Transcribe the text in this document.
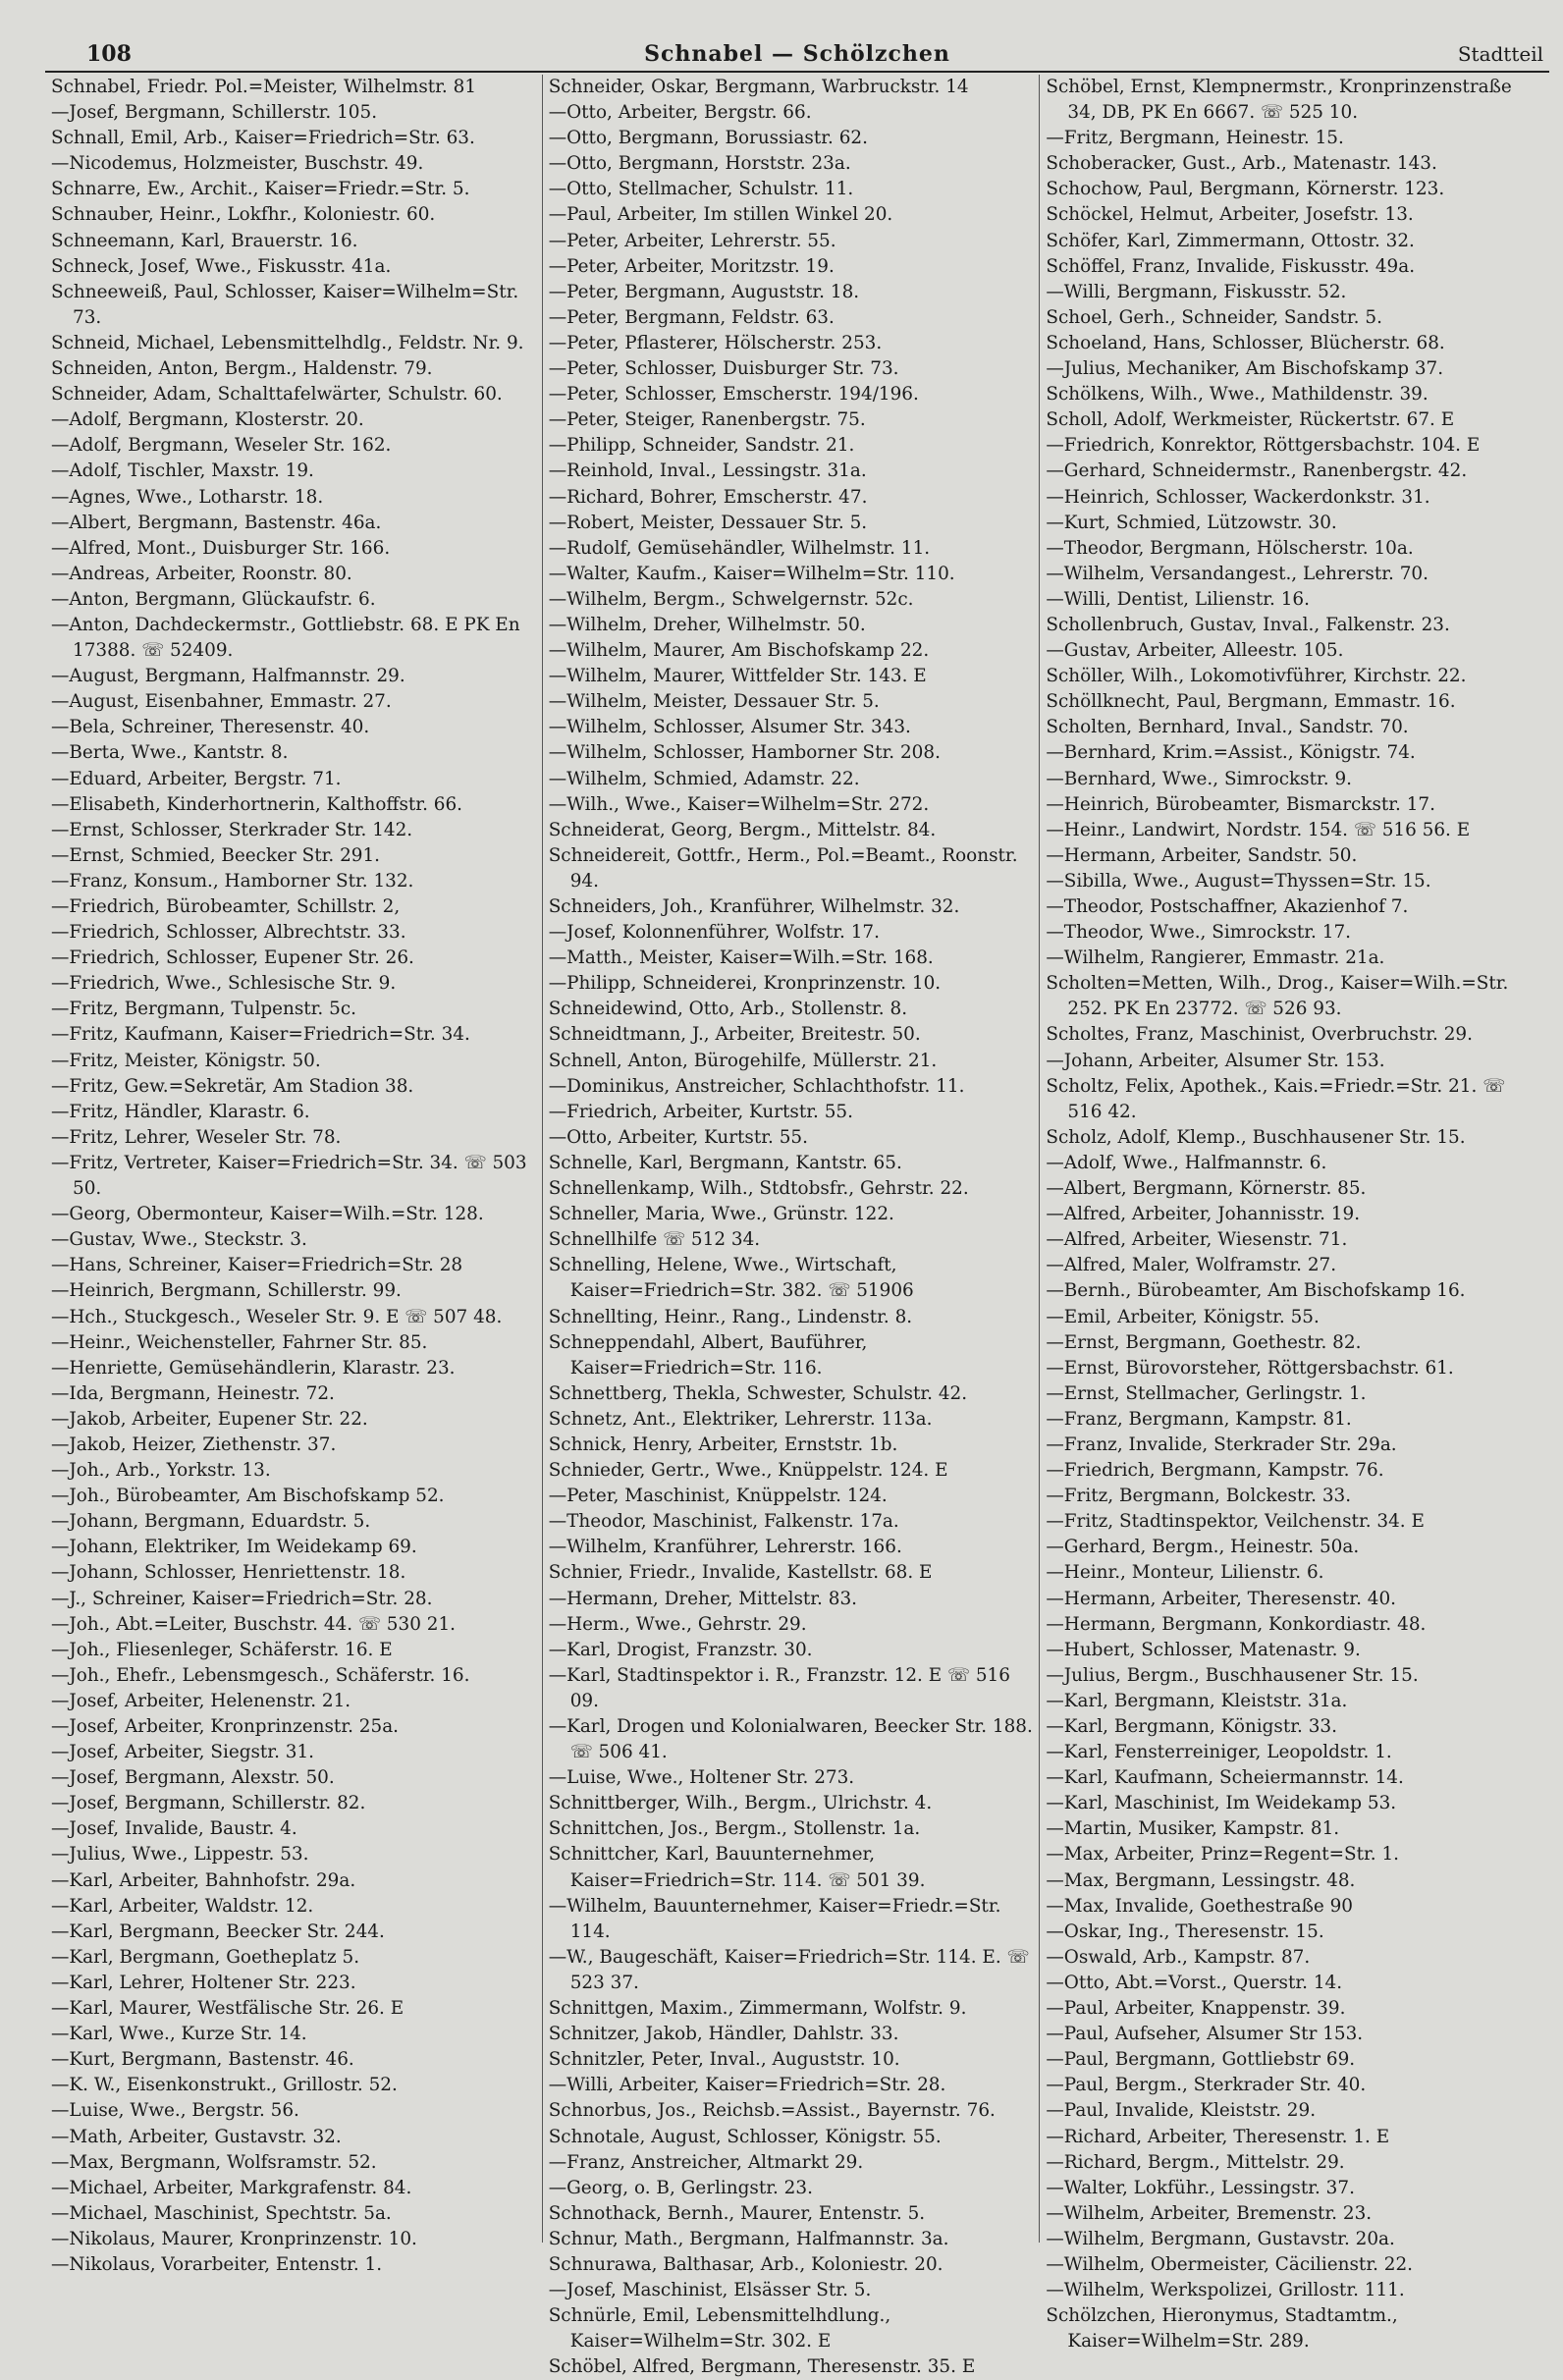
108	Schnabel — Schölzchen	Stadtteil

Schnabel, Friedr. Pol.=Meister, Wilhelmstr. 81

—Josef, Bergmann, Schillerstr. 105.

Schnall, Emil, Arb., Kaiser=Friedrich=Str. 63.

—Nicodemus, Holzmeister, Buschstr. 49.

Schnarre, Ew., Archit., Kaiser=Friedr.=Str. 5.

Schnauber, Heinr., Lokfhr., Koloniestr. 60.

Schneemann, Karl, Brauerstr. 16.

Schneck, Josef, Wwe., Fiskusstr. 41a.

Schneeweiß, Paul, Schlosser, Kaiser=Wilhelm=Str. 73.

Schneid, Michael, Lebensmittelhdlg., Feldstr. Nr. 9.

Schneiden, Anton, Bergm., Haldenstr. 79.

Schneider, Adam, Schalttafelwärter, Schulstr. 60.

—Adolf, Bergmann, Klosterstr. 20.

—Adolf, Bergmann, Weseler Str. 162.

—Adolf, Tischler, Maxstr. 19.

—Agnes, Wwe., Lotharstr. 18.

—Albert, Bergmann, Bastenstr. 46a.

—Alfred, Mont., Duisburger Str. 166.

—Andreas, Arbeiter, Roonstr. 80.

—Anton, Bergmann, Glückaufstr. 6.

—Anton, Dachdeckermstr., Gottliebstr. 68. E PK En 17388. ☏ 52409.

—August, Bergmann, Halfmannstr. 29.

—August, Eisenbahner, Emmastr. 27.

—Bela, Schreiner, Theresenstr. 40.

—Berta, Wwe., Kantstr. 8.

—Eduard, Arbeiter, Bergstr. 71.

—Elisabeth, Kinderhortnerin, Kalthoffstr. 66.

—Ernst, Schlosser, Sterkrader Str. 142.

—Ernst, Schmied, Beecker Str. 291.

—Franz, Konsum., Hamborner Str. 132.

—Friedrich, Bürobeamter, Schillstr. 2,

—Friedrich, Schlosser, Albrechtstr. 33.

—Friedrich, Schlosser, Eupener Str. 26.

—Friedrich, Wwe., Schlesische Str. 9.

—Fritz, Bergmann, Tulpenstr. 5c.

—Fritz, Kaufmann, Kaiser=Friedrich=Str. 34.

—Fritz, Meister, Königstr. 50.

—Fritz, Gew.=Sekretär, Am Stadion 38.

—Fritz, Händler, Klarastr. 6.

—Fritz, Lehrer, Weseler Str. 78.

—Fritz, Vertreter, Kaiser=Friedrich=Str. 34. ☏ 503 50.

—Georg, Obermonteur, Kaiser=Wilh.=Str. 128.

—Gustav, Wwe., Steckstr. 3.

—Hans, Schreiner, Kaiser=Friedrich=Str. 28

—Heinrich, Bergmann, Schillerstr. 99.

—Hch., Stuckgesch., Weseler Str. 9. E ☏ 507 48.

—Heinr., Weichensteller, Fahrner Str. 85.

—Henriette, Gemüsehändlerin, Klarastr. 23.

—Ida, Bergmann, Heinestr. 72.

—Jakob, Arbeiter, Eupener Str. 22.

—Jakob, Heizer, Ziethenstr. 37.

—Joh., Arb., Yorkstr. 13.

—Joh., Bürobeamter, Am Bischofskamp 52.

—Johann, Bergmann, Eduardstr. 5.

—Johann, Elektriker, Im Weidekamp 69.

—Johann, Schlosser, Henriettenstr. 18.

—J., Schreiner, Kaiser=Friedrich=Str. 28.

—Joh., Abt.=Leiter, Buschstr. 44. ☏ 530 21.

—Joh., Fliesenleger, Schäferstr. 16. E

—Joh., Ehefr., Lebensmgesch., Schäferstr. 16.

—Josef, Arbeiter, Helenenstr. 21.

—Josef, Arbeiter, Kronprinzenstr. 25a.

—Josef, Arbeiter, Siegstr. 31.

—Josef, Bergmann, Alexstr. 50.

—Josef, Bergmann, Schillerstr. 82.

—Josef, Invalide, Baustr. 4.

—Julius, Wwe., Lippestr. 53.

—Karl, Arbeiter, Bahnhofstr. 29a.

—Karl, Arbeiter, Waldstr. 12.

—Karl, Bergmann, Beecker Str. 244.

—Karl, Bergmann, Goetheplatz 5.

—Karl, Lehrer, Holtener Str. 223.

—Karl, Maurer, Westfälische Str. 26. E

—Karl, Wwe., Kurze Str. 14.

—Kurt, Bergmann, Bastenstr. 46.

—K. W., Eisenkonstrukt., Grillostr. 52.

—Luise, Wwe., Bergstr. 56.

—Math, Arbeiter, Gustavstr. 32.

—Max, Bergmann, Wolfsramstr. 52.

—Michael, Arbeiter, Markgrafenstr. 84.

—Michael, Maschinist, Spechtstr. 5a.

—Nikolaus, Maurer, Kronprinzenstr. 10.

—Nikolaus, Vorarbeiter, Entenstr. 1.

Schneider, Oskar, Bergmann, Warbruckstr. 14

—Otto, Arbeiter, Bergstr. 66.

—Otto, Bergmann, Borussiastr. 62.

—Otto, Bergmann, Horststr. 23a.

—Otto, Stellmacher, Schulstr. 11.

—Paul, Arbeiter, Im stillen Winkel 20.

—Peter, Arbeiter, Lehrerstr. 55.

—Peter, Arbeiter, Moritzstr. 19.

—Peter, Bergmann, Auguststr. 18.

—Peter, Bergmann, Feldstr. 63.

—Peter, Pflasterer, Hölscherstr. 253.

—Peter, Schlosser, Duisburger Str. 73.

—Peter, Schlosser, Emscherstr. 194/196.

—Peter, Steiger, Ranenbergstr. 75.

—Philipp, Schneider, Sandstr. 21.

—Reinhold, Inval., Lessingstr. 31a.

—Richard, Bohrer, Emscherstr. 47.

—Robert, Meister, Dessauer Str. 5.

—Rudolf, Gemüsehändler, Wilhelmstr. 11.

—Walter, Kaufm., Kaiser=Wilhelm=Str. 110.

—Wilhelm, Bergm., Schwelgernstr. 52c.

—Wilhelm, Dreher, Wilhelmstr. 50.

—Wilhelm, Maurer, Am Bischofskamp 22.

—Wilhelm, Maurer, Wittfelder Str. 143. E

—Wilhelm, Meister, Dessauer Str. 5.

—Wilhelm, Schlosser, Alsumer Str. 343.

—Wilhelm, Schlosser, Hamborner Str. 208.

—Wilhelm, Schmied, Adamstr. 22.

—Wilh., Wwe., Kaiser=Wilhelm=Str. 272.

Schneiderat, Georg, Bergm., Mittelstr. 84.

Schneidereit, Gottfr., Herm., Pol.=Beamt., Roonstr. 94.

Schneiders, Joh., Kranführer, Wilhelmstr. 32.

—Josef, Kolonnenführer, Wolfstr. 17.

—Matth., Meister, Kaiser=Wilh.=Str. 168.

—Philipp, Schneiderei, Kronprinzenstr. 10.

Schneidewind, Otto, Arb., Stollenstr. 8.

Schneidtmann, J., Arbeiter, Breitestr. 50.

Schnell, Anton, Bürogehilfe, Müllerstr. 21.

—Dominikus, Anstreicher, Schlachthofstr. 11.

—Friedrich, Arbeiter, Kurtstr. 55.

—Otto, Arbeiter, Kurtstr. 55.

Schnelle, Karl, Bergmann, Kantstr. 65.

Schnellenkamp, Wilh., Stdtobsfr., Gehrstr. 22.

Schneller, Maria, Wwe., Grünstr. 122.

Schnellhilfe ☏ 512 34.

Schnelling, Helene, Wwe., Wirtschaft, Kaiser=Friedrich=Str. 382. ☏ 51906

Schnellting, Heinr., Rang., Lindenstr. 8.

Schneppendahl, Albert, Bauführer, Kaiser=Friedrich=Str. 116.

Schnettberg, Thekla, Schwester, Schulstr. 42.

Schnetz, Ant., Elektriker, Lehrerstr. 113a.

Schnick, Henry, Arbeiter, Ernststr. 1b.

Schnieder, Gertr., Wwe., Knüppelstr. 124. E

—Peter, Maschinist, Knüppelstr. 124.

—Theodor, Maschinist, Falkenstr. 17a.

—Wilhelm, Kranführer, Lehrerstr. 166.

Schnier, Friedr., Invalide, Kastellstr. 68. E

—Hermann, Dreher, Mittelstr. 83.

—Herm., Wwe., Gehrstr. 29.

—Karl, Drogist, Franzstr. 30.

—Karl, Stadtinspektor i. R., Franzstr. 12. E ☏ 516 09.

—Karl, Drogen und Kolonialwaren, Beecker Str. 188. ☏ 506 41.

—Luise, Wwe., Holtener Str. 273.

Schnittberger, Wilh., Bergm., Ulrichstr. 4.

Schnittchen, Jos., Bergm., Stollenstr. 1a.

Schnittcher, Karl, Bauunternehmer, Kaiser=Friedrich=Str. 114. ☏ 501 39.

—Wilhelm, Bauunternehmer, Kaiser=Friedr.=Str. 114.

—W., Baugeschäft, Kaiser=Friedrich=Str. 114. E. ☏ 523 37.

Schnittgen, Maxim., Zimmermann, Wolfstr. 9.

Schnitzer, Jakob, Händler, Dahlstr. 33.

Schnitzler, Peter, Inval., Auguststr. 10.

—Willi, Arbeiter, Kaiser=Friedrich=Str. 28.

Schnorbus, Jos., Reichsb.=Assist., Bayernstr. 76.

Schnotale, August, Schlosser, Königstr. 55.

—Franz, Anstreicher, Altmarkt 29.

—Georg, o. B, Gerlingstr. 23.

Schnothack, Bernh., Maurer, Entenstr. 5.

Schnur, Math., Bergmann, Halfmannstr. 3a.

Schnurawa, Balthasar, Arb., Koloniestr. 20.

—Josef, Maschinist, Elsässer Str. 5.

Schnürle, Emil, Lebensmittelhdlung., Kaiser=Wilhelm=Str. 302. E

Schöbel, Alfred, Bergmann, Theresenstr. 35. E

Schöbel, Ernst, Klempnermstr., Kronprinzenstraße 34, DB, PK En 6667. ☏ 525 10.

—Fritz, Bergmann, Heinestr. 15.

Schoberacker, Gust., Arb., Matenastr. 143.

Schochow, Paul, Bergmann, Körnerstr. 123.

Schöckel, Helmut, Arbeiter, Josefstr. 13.

Schöfer, Karl, Zimmermann, Ottostr. 32.

Schöffel, Franz, Invalide, Fiskusstr. 49a.

—Willi, Bergmann, Fiskusstr. 52.

Schoel, Gerh., Schneider, Sandstr. 5.

Schoeland, Hans, Schlosser, Blücherstr. 68.

—Julius, Mechaniker, Am Bischofskamp 37.

Schölkens, Wilh., Wwe., Mathildenstr. 39.

Scholl, Adolf, Werkmeister, Rückertstr. 67. E

—Friedrich, Konrektor, Röttgersbachstr. 104. E

—Gerhard, Schneidermstr., Ranenbergstr. 42.

—Heinrich, Schlosser, Wackerdonkstr. 31.

—Kurt, Schmied, Lützowstr. 30.

—Theodor, Bergmann, Hölscherstr. 10a.

—Wilhelm, Versandangest., Lehrerstr. 70.

—Willi, Dentist, Lilienstr. 16.

Schollenbruch, Gustav, Inval., Falkenstr. 23.

—Gustav, Arbeiter, Alleestr. 105.

Schöller, Wilh., Lokomotivführer, Kirchstr. 22.

Schöllknecht, Paul, Bergmann, Emmastr. 16.

Scholten, Bernhard, Inval., Sandstr. 70.

—Bernhard, Krim.=Assist., Königstr. 74.

—Bernhard, Wwe., Simrockstr. 9.

—Heinrich, Bürobeamter, Bismarckstr. 17.

—Heinr., Landwirt, Nordstr. 154. ☏ 516 56. E

—Hermann, Arbeiter, Sandstr. 50.

—Sibilla, Wwe., August=Thyssen=Str. 15.

—Theodor, Postschaffner, Akazienhof 7.

—Theodor, Wwe., Simrockstr. 17.

—Wilhelm, Rangierer, Emmastr. 21a.

Scholten=Metten, Wilh., Drog., Kaiser=Wilh.=Str. 252. PK En 23772. ☏ 526 93.

Scholtes, Franz, Maschinist, Overbruchstr. 29.

—Johann, Arbeiter, Alsumer Str. 153.

Scholtz, Felix, Apothek., Kais.=Friedr.=Str. 21. ☏ 516 42.

Scholz, Adolf, Klemp., Buschhausener Str. 15.

—Adolf, Wwe., Halfmannstr. 6.

—Albert, Bergmann, Körnerstr. 85.

—Alfred, Arbeiter, Johannisstr. 19.

—Alfred, Arbeiter, Wiesenstr. 71.

—Alfred, Maler, Wolframstr. 27.

—Bernh., Bürobeamter, Am Bischofskamp 16.

—Emil, Arbeiter, Königstr. 55.

—Ernst, Bergmann, Goethestr. 82.

—Ernst, Bürovorsteher, Röttgersbachstr. 61.

—Ernst, Stellmacher, Gerlingstr. 1.

—Franz, Bergmann, Kampstr. 81.

—Franz, Invalide, Sterkrader Str. 29a.

—Friedrich, Bergmann, Kampstr. 76.

—Fritz, Bergmann, Bolckestr. 33.

—Fritz, Stadtinspektor, Veilchenstr. 34. E

—Gerhard, Bergm., Heinestr. 50a.

—Heinr., Monteur, Lilienstr. 6.

—Hermann, Arbeiter, Theresenstr. 40.

—Hermann, Bergmann, Konkordiastr. 48.

—Hubert, Schlosser, Matenastr. 9.

—Julius, Bergm., Buschhausener Str. 15.

—Karl, Bergmann, Kleiststr. 31a.

—Karl, Bergmann, Königstr. 33.

—Karl, Fensterreiniger, Leopoldstr. 1.

—Karl, Kaufmann, Scheiermannstr. 14.

—Karl, Maschinist, Im Weidekamp 53.

—Martin, Musiker, Kampstr. 81.

—Max, Arbeiter, Prinz=Regent=Str. 1.

—Max, Bergmann, Lessingstr. 48.

—Max, Invalide, Goethestraße 90

—Oskar, Ing., Theresenstr. 15.

—Oswald, Arb., Kampstr. 87.

—Otto, Abt.=Vorst., Querstr. 14.

—Paul, Arbeiter, Knappenstr. 39.

—Paul, Aufseher, Alsumer Str 153.

—Paul, Bergmann, Gottliebstr 69.

—Paul, Bergm., Sterkrader Str. 40.

—Paul, Invalide, Kleiststr. 29.

—Richard, Arbeiter, Theresenstr. 1. E

—Richard, Bergm., Mittelstr. 29.

—Walter, Lokführ., Lessingstr. 37.

—Wilhelm, Arbeiter, Bremenstr. 23.

—Wilhelm, Bergmann, Gustavstr. 20a.

—Wilhelm, Obermeister, Cäcilienstr. 22.

—Wilhelm, Werkspolizei, Grillostr. 111.

Schölzchen, Hieronymus, Stadtamtm., Kaiser=Wilhelm=Str. 289.
